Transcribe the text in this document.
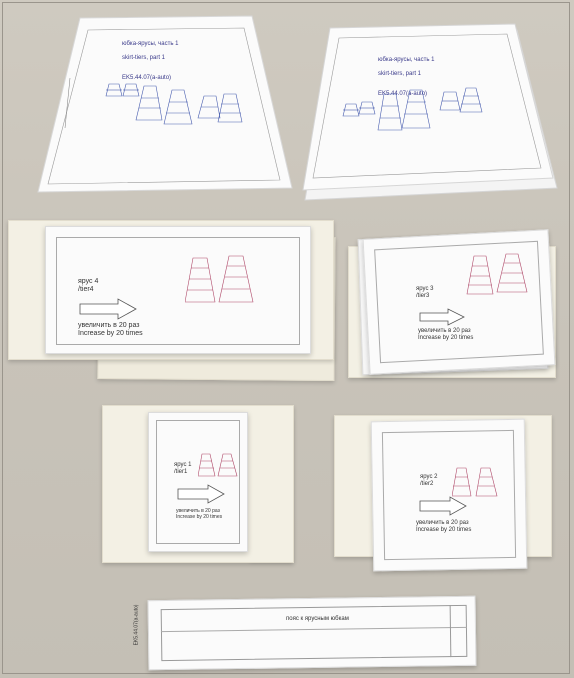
юбка-ярусы, часть 1

skirt-tiers, part 1

EK5.44.07(a-auto)

юбка-ярусы, часть 1

skirt-tiers, part 1

EK5.44.07(a-auto)

ярус 4
/tier4
увеличить в 20 раз
Increase by 20 times
ярус 3
/tier3
увеличить в 20 раз
Increase by 20 times
ярус 1
/tier1
увеличить в 20 раз
Increase by 20 times
ярус 2
/tier2
увеличить в 20 раз
Increase by 20 times
пояс к ярусным юбкам
EK5.44.07(a-auto)
